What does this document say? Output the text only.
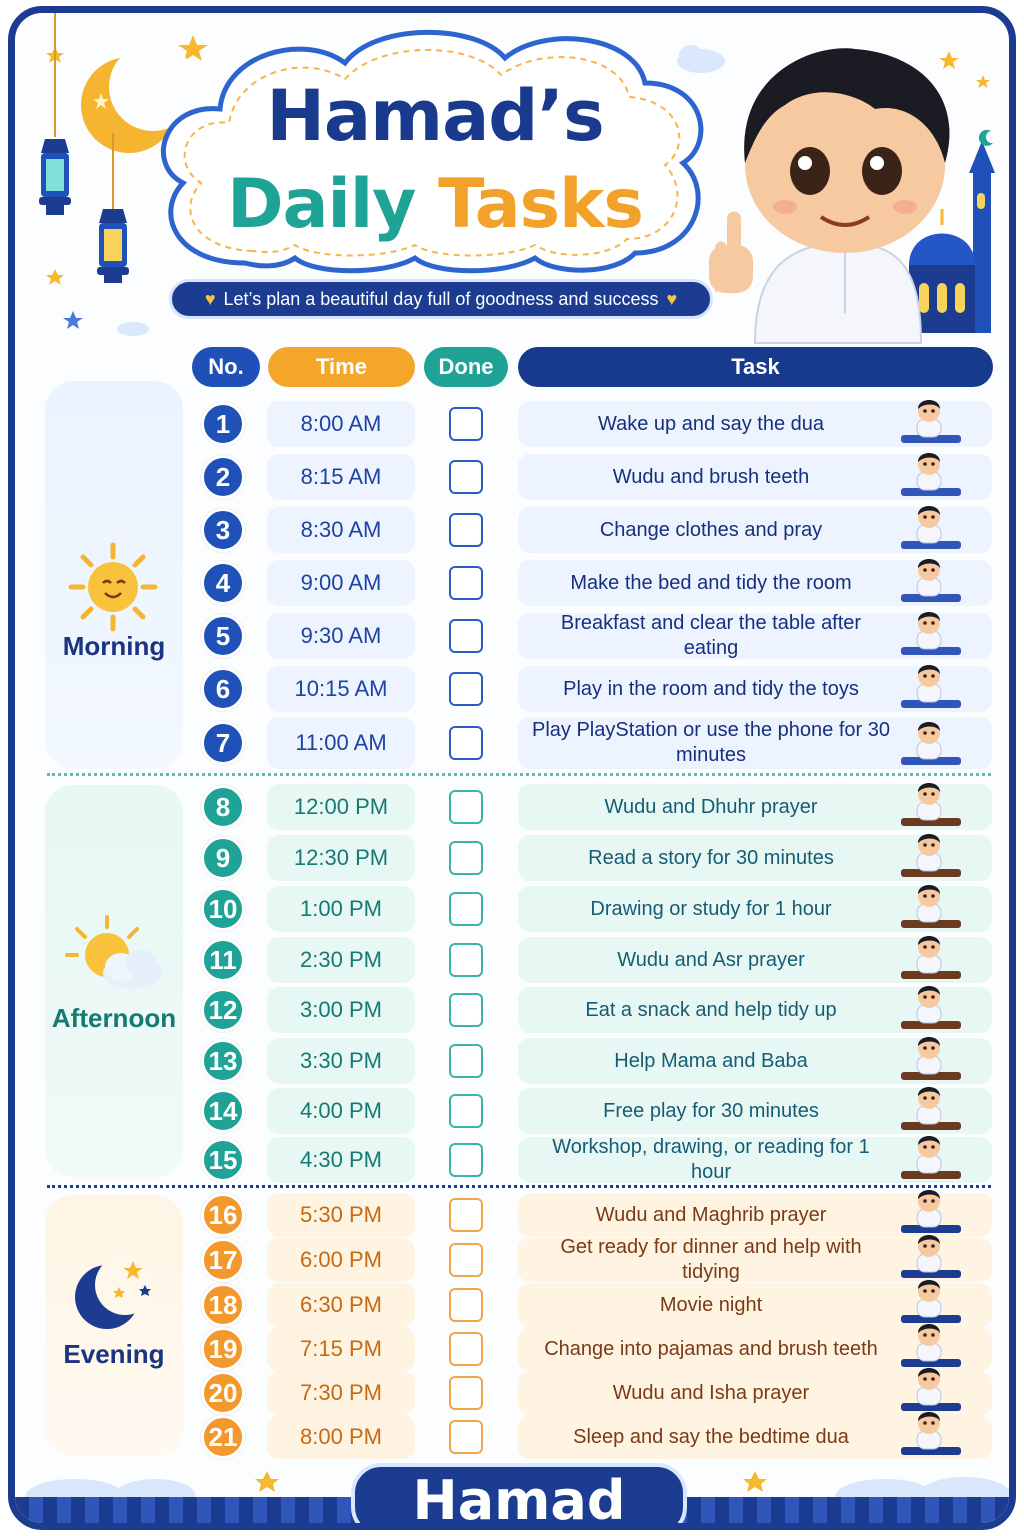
Hamad’s
Daily Tasks
♥ Let’s plan a beautiful day full of goodness and success ♥
No.	Time	Done	Task
Morning
Afternoon
Evening
1	8:00 AM	Wake up and say the dua
2	8:15 AM	Wudu and brush teeth
3	8:30 AM	Change clothes and pray
4	9:00 AM	Make the bed and tidy the room
5	9:30 AM	Breakfast and clear the table after eating
6	10:15 AM	Play in the room and tidy the toys
7	11:00 AM	Play PlayStation or use the phone for 30 minutes
8	12:00 PM	Wudu and Dhuhr prayer
9	12:30 PM	Read a story for 30 minutes
10	1:00 PM	Drawing or study for 1 hour
11	2:30 PM	Wudu and Asr prayer
12	3:00 PM	Eat a snack and help tidy up
13	3:30 PM	Help Mama and Baba
14	4:00 PM	Free play for 30 minutes
15	4:30 PM	Workshop, drawing, or reading for 1 hour
16	5:30 PM	Wudu and Maghrib prayer
17	6:00 PM	Get ready for dinner and help with tidying
18	6:30 PM	Movie night
19	7:15 PM	Change into pajamas and brush teeth
20	7:30 PM	Wudu and Isha prayer
21	8:00 PM	Sleep and say the bedtime dua
Hamad
